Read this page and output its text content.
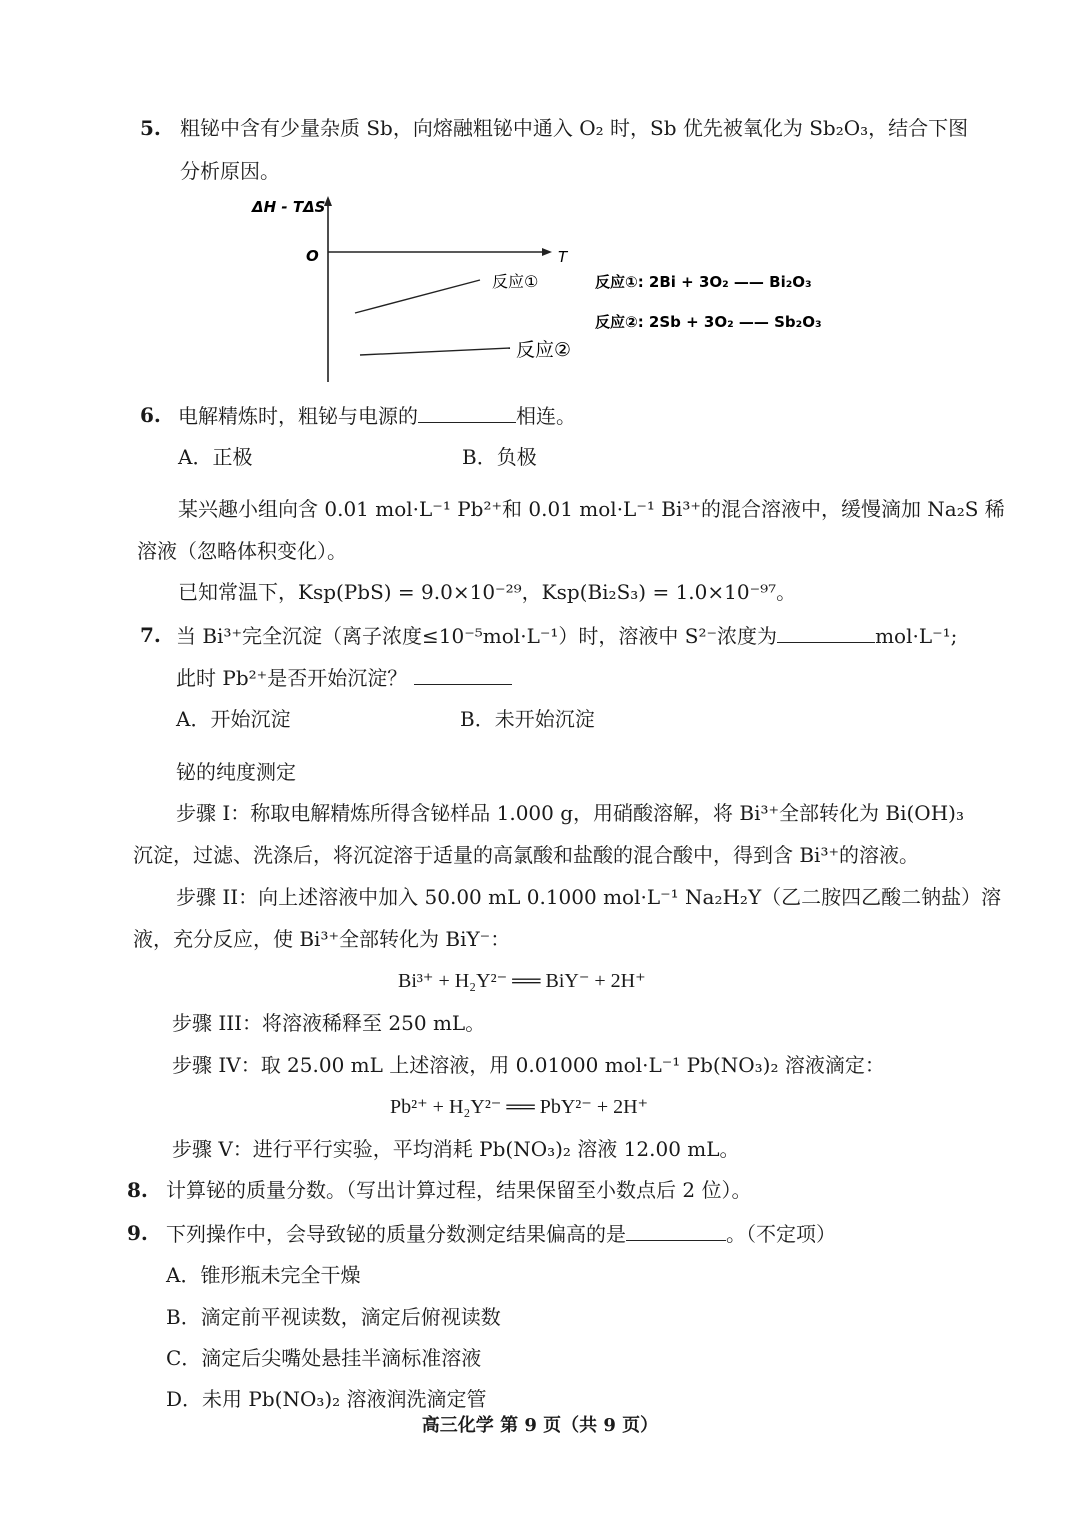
5. 粗铋中含有少量杂质 Sb，向熔融粗铋中通入 O₂ 时，Sb 优先被氧化为 Sb₂O₃，结合下图
分析原因。
ΔH - TΔS
O	T
反应①
反应②
反应①: 2Bi + 3O₂ —— Bi₂O₃
反应②: 2Sb + 3O₂ —— Sb₂O₃
6. 电解精炼时，粗铋与电源的	相连。
A．正极	B．负极
某兴趣小组向含 0.01 mol·L⁻¹ Pb²⁺和 0.01 mol·L⁻¹ Bi³⁺的混合溶液中，缓慢滴加 Na₂S 稀
溶液（忽略体积变化）。
已知常温下，Ksp(PbS) = 9.0×10⁻²⁹，Ksp(Bi₂S₃) = 1.0×10⁻⁹⁷。
7. 当 Bi³⁺完全沉淀（离子浓度≤10⁻⁵mol·L⁻¹）时，溶液中 S²⁻浓度为	mol·L⁻¹;
此时 Pb²⁺是否开始沉淀？
A．开始沉淀	B．未开始沉淀
铋的纯度测定
步骤 I：称取电解精炼所得含铋样品 1.000 g，用硝酸溶解，将 Bi³⁺全部转化为 Bi(OH)₃
沉淀，过滤、洗涤后，将沉淀溶于适量的高氯酸和盐酸的混合酸中，得到含 Bi³⁺的溶液。
步骤 II：向上述溶液中加入 50.00 mL 0.1000 mol·L⁻¹ Na₂H₂Y（乙二胺四乙酸二钠盐）溶
液，充分反应，使 Bi³⁺全部转化为 BiY⁻：
Bi³⁺ + H₂Y²⁻ ══ BiY⁻ + 2H⁺
步骤 III：将溶液稀释至 250 mL。
步骤 IV：取 25.00 mL 上述溶液，用 0.01000 mol·L⁻¹ Pb(NO₃)₂ 溶液滴定：
Pb²⁺ + H₂Y²⁻ ══ PbY²⁻ + 2H⁺
步骤 V：进行平行实验，平均消耗 Pb(NO₃)₂ 溶液 12.00 mL。
8. 计算铋的质量分数。（写出计算过程，结果保留至小数点后 2 位）。
9. 下列操作中，会导致铋的质量分数测定结果偏高的是	。（不定项）
A．锥形瓶未完全干燥
B．滴定前平视读数，滴定后俯视读数
C．滴定后尖嘴处悬挂半滴标准溶液
D．未用 Pb(NO₃)₂ 溶液润洗滴定管
高三化学 第 9 页（共 9 页）
